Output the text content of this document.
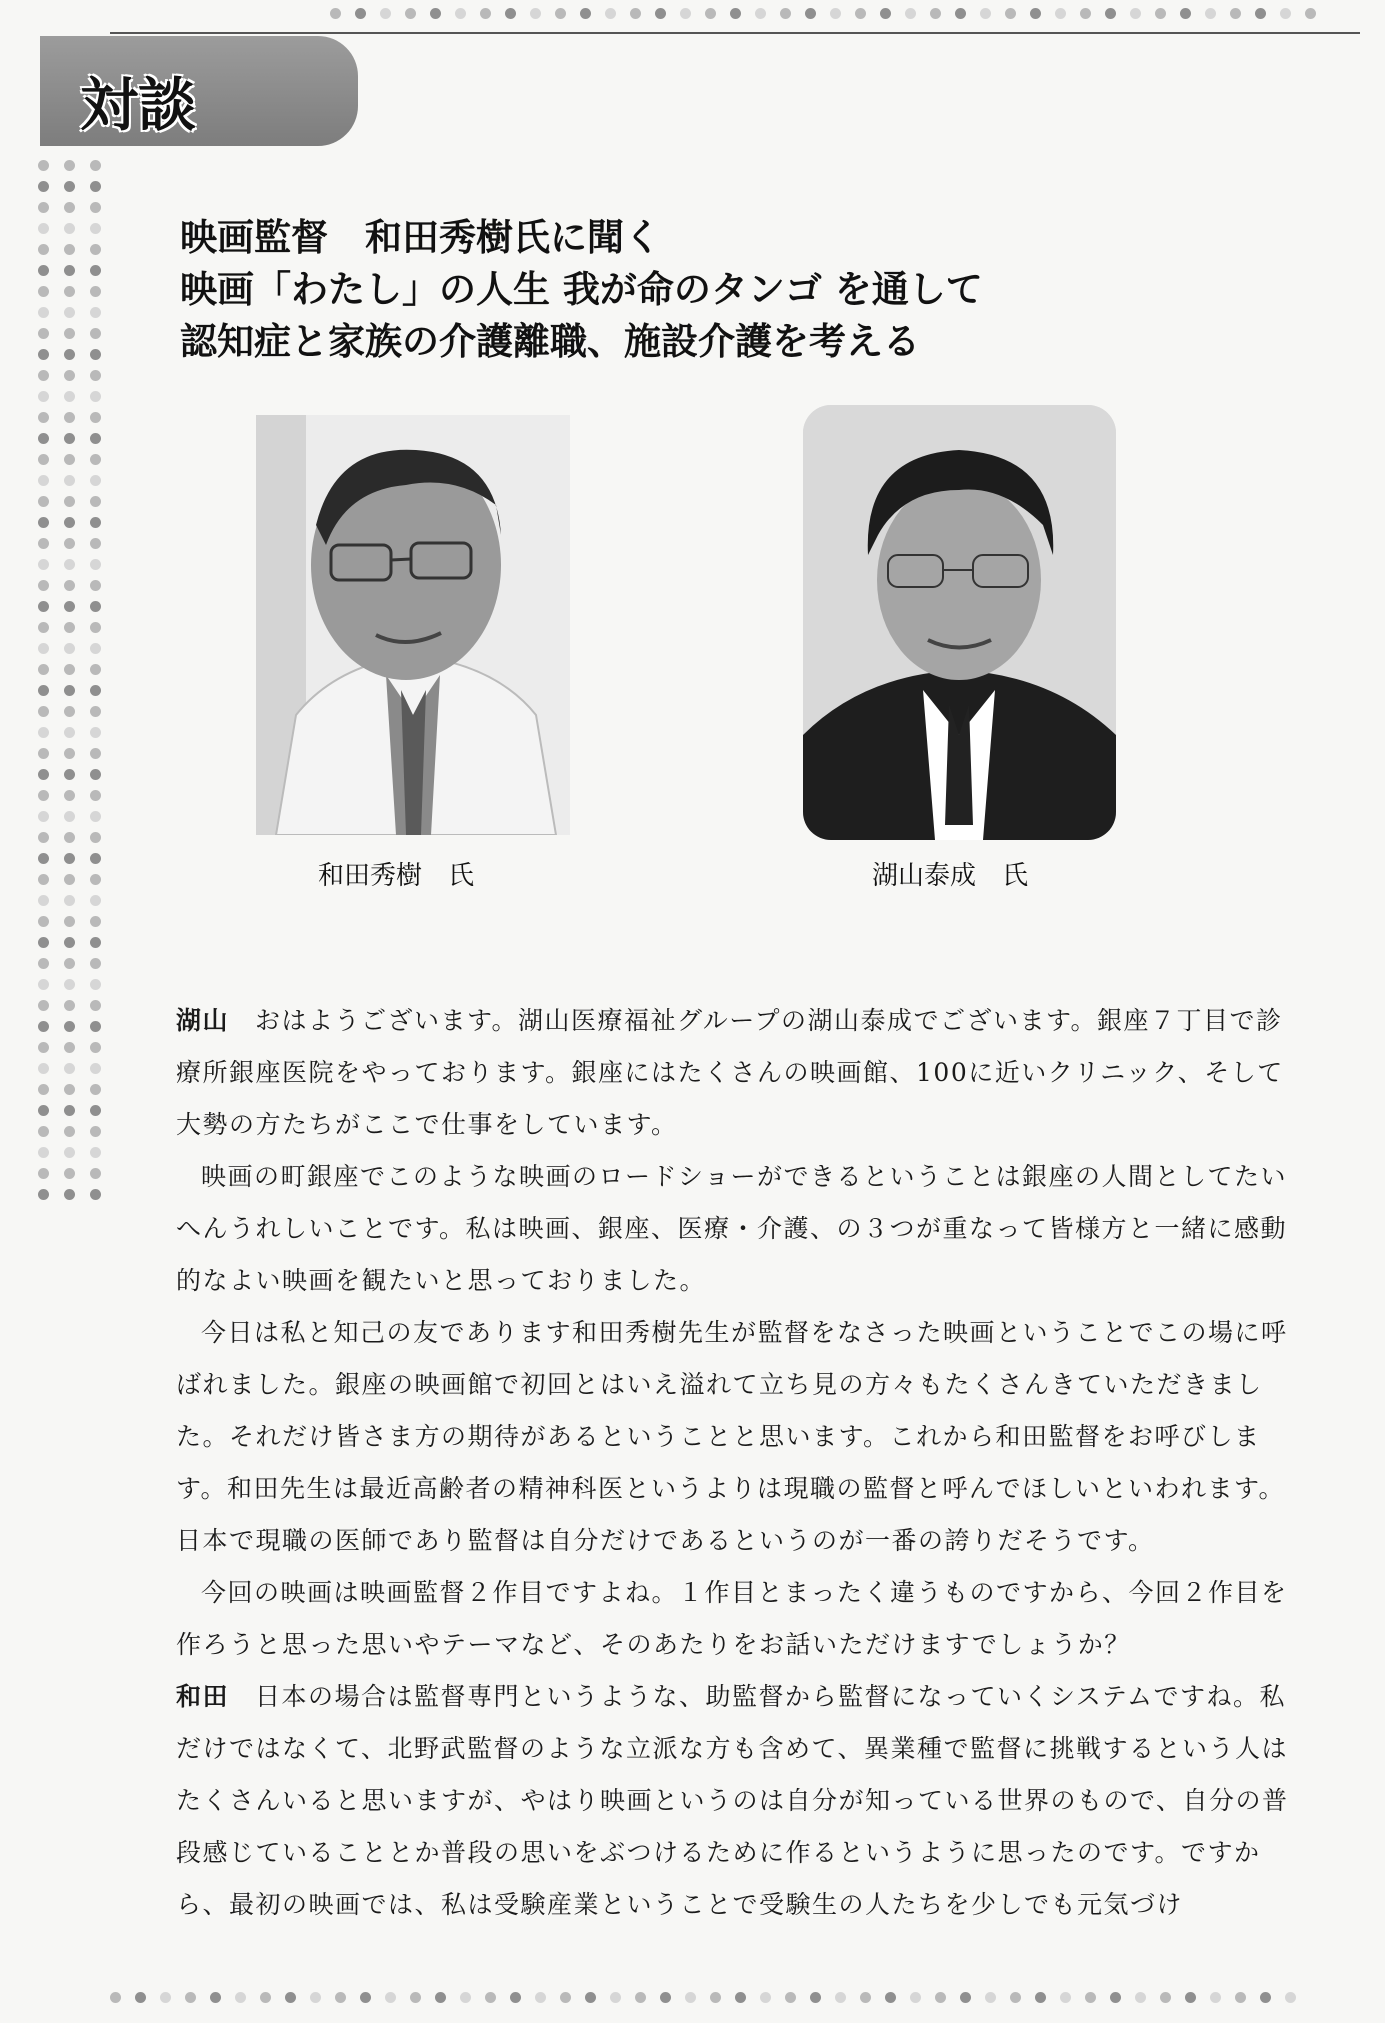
対談
映画監督　和田秀樹氏に聞く
映画「わたし」の人生 我が命のタンゴ を通して
認知症と家族の介護離職、施設介護を考える
和田秀樹　氏	湖山泰成　氏

湖山 おはようございます。湖山医療福祉グループの湖山泰成でございます。銀座７丁目で診療所銀座医院をやっております。銀座にはたくさんの映画館、100に近いクリニック、そして大勢の方たちがここで仕事をしています。

映画の町銀座でこのような映画のロードショーができるということは銀座の人間としてたいへんうれしいことです。私は映画、銀座、医療・介護、の３つが重なって皆様方と一緒に感動的なよい映画を観たいと思っておりました。

今日は私と知己の友であります和田秀樹先生が監督をなさった映画ということでこの場に呼ばれました。銀座の映画館で初回とはいえ溢れて立ち見の方々もたくさんきていただきました。それだけ皆さま方の期待があるということと思います。これから和田監督をお呼びします。和田先生は最近高齢者の精神科医というよりは現職の監督と呼んでほしいといわれます。日本で現職の医師であり監督は自分だけであるというのが一番の誇りだそうです。

今回の映画は映画監督２作目ですよね。１作目とまったく違うものですから、今回２作目を作ろうと思った思いやテーマなど、そのあたりをお話いただけますでしょうか？

和田 日本の場合は監督専門というような、助監督から監督になっていくシステムですね。私だけではなくて、北野武監督のような立派な方も含めて、異業種で監督に挑戦するという人はたくさんいると思いますが、やはり映画というのは自分が知っている世界のもので、自分の普段感じていることとか普段の思いをぶつけるために作るというように思ったのです。ですから、最初の映画では、私は受験産業ということで受験生の人たちを少しでも元気づけ
